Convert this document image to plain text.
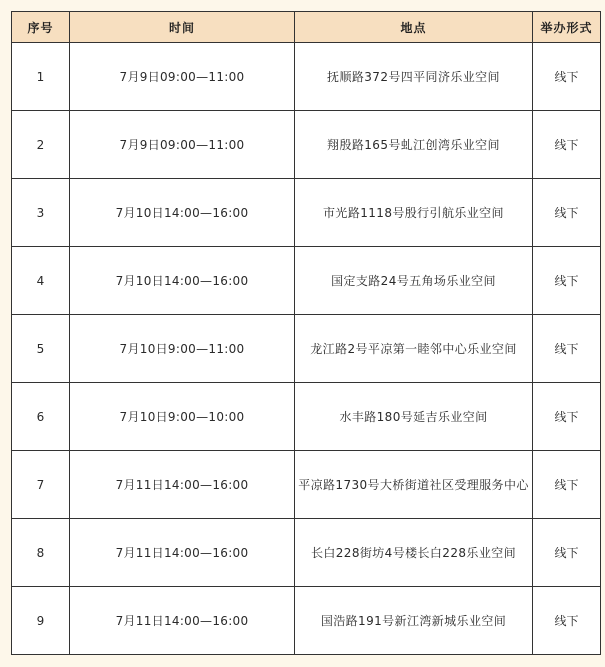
序号	时间	地点	举办形式
1	7月9日09:00—11:00	抚顺路372号四平同济乐业空间	线下
2	7月9日09:00—11:00	翔殷路165号虬江创湾乐业空间	线下
3	7月10日14:00—16:00	市光路1118号殷行引航乐业空间	线下
4	7月10日14:00—16:00	国定支路24号五角场乐业空间	线下
5	7月10日9:00—11:00	龙江路2号平凉第一睦邻中心乐业空间	线下
6	7月10日9:00—10:00	水丰路180号延吉乐业空间	线下
7	7月11日14:00—16:00	平凉路1730号大桥街道社区受理服务中心	线下
8	7月11日14:00—16:00	长白228街坊4号楼长白228乐业空间	线下
9	7月11日14:00—16:00	国浩路191号新江湾新城乐业空间	线下
